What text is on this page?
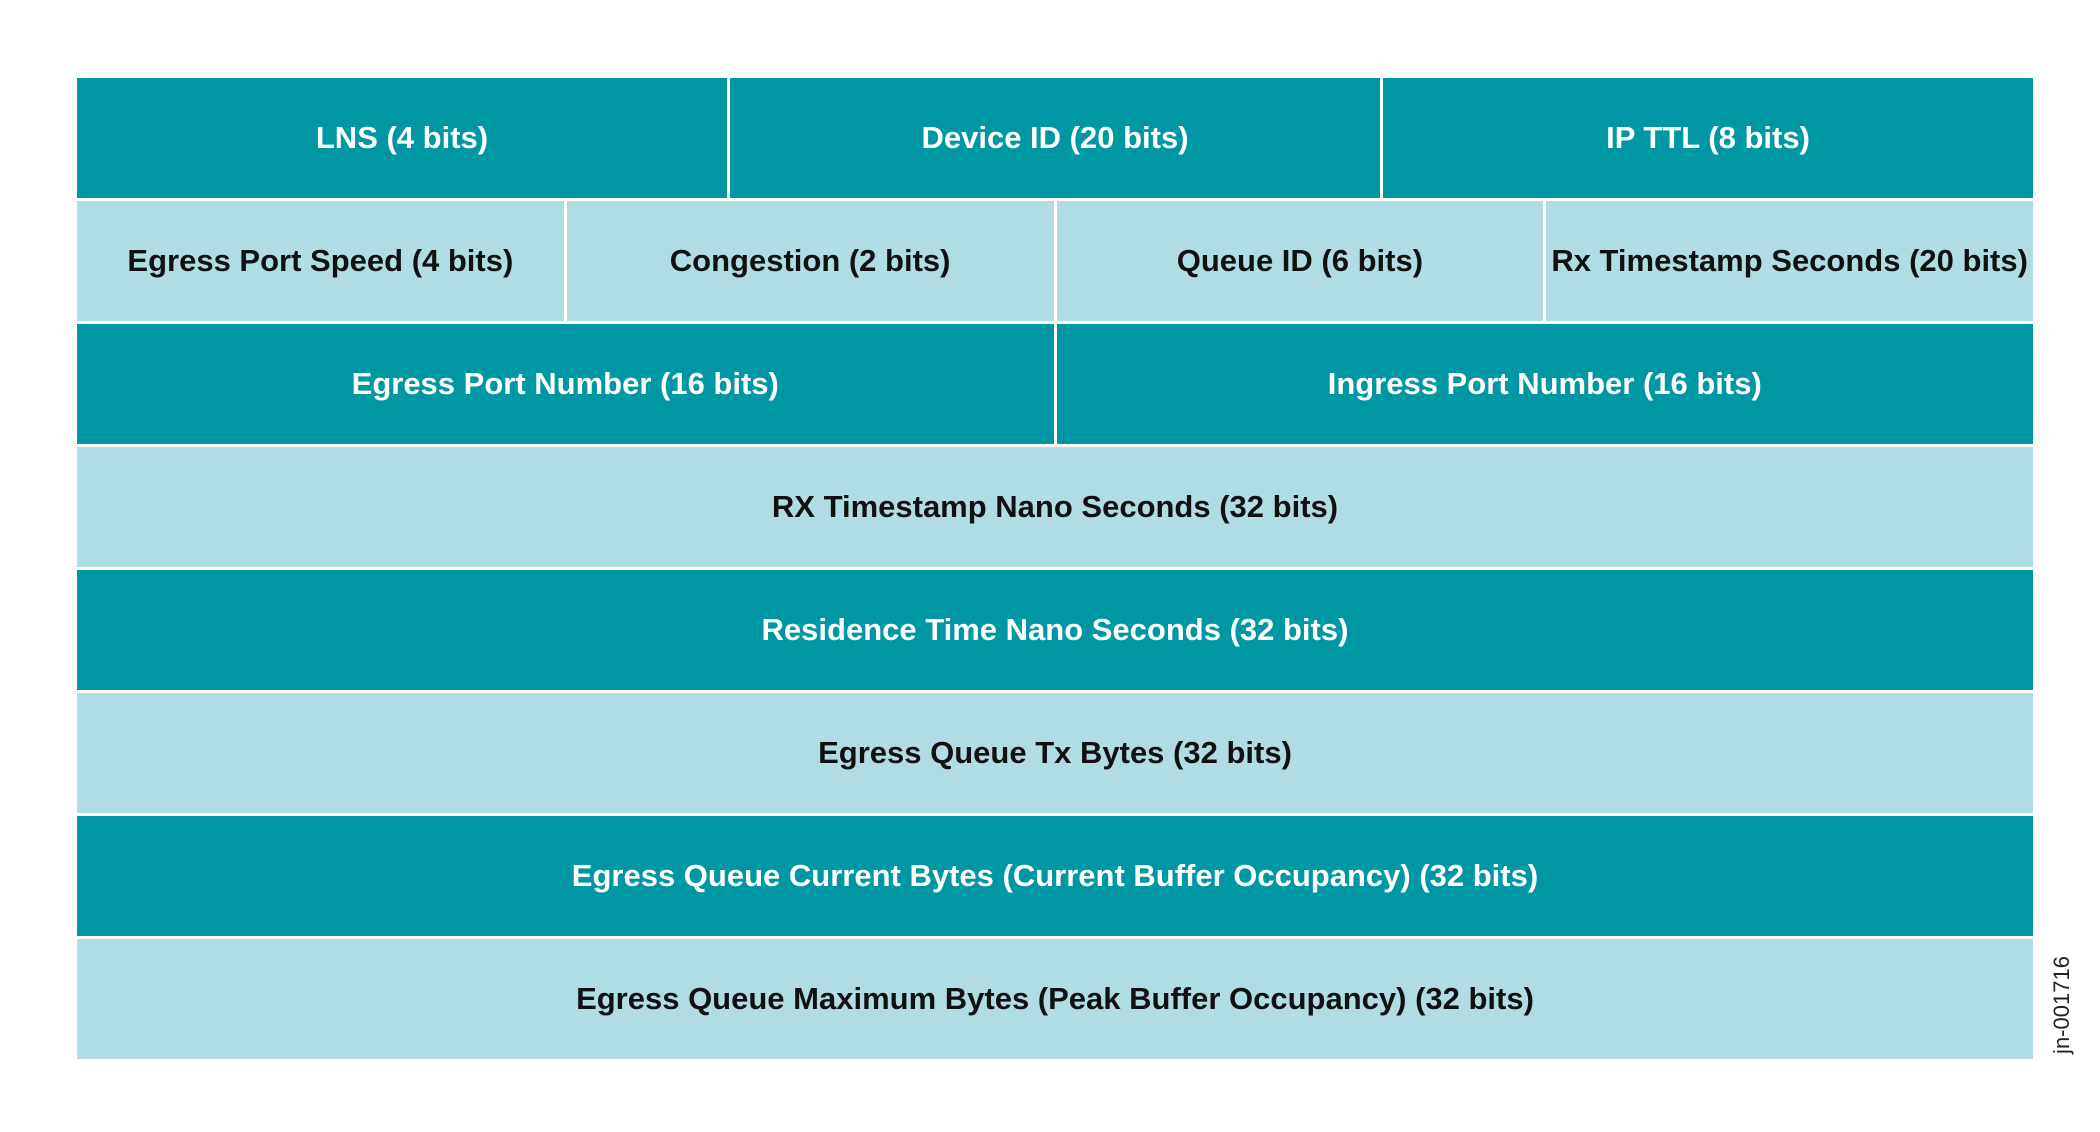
LNS (4 bits)	Device ID (20 bits)	IP TTL (8 bits)
Egress Port Speed (4 bits)	Congestion (2 bits)	Queue ID (6 bits)	Rx Timestamp Seconds (20 bits)
Egress Port Number (16 bits)	Ingress Port Number (16 bits)
RX Timestamp Nano Seconds (32 bits)
Residence Time Nano Seconds (32 bits)
Egress Queue Tx Bytes (32 bits)
Egress Queue Current Bytes (Current Buffer Occupancy) (32 bits)
Egress Queue Maximum Bytes (Peak Buffer Occupancy) (32 bits)	jn-001716
